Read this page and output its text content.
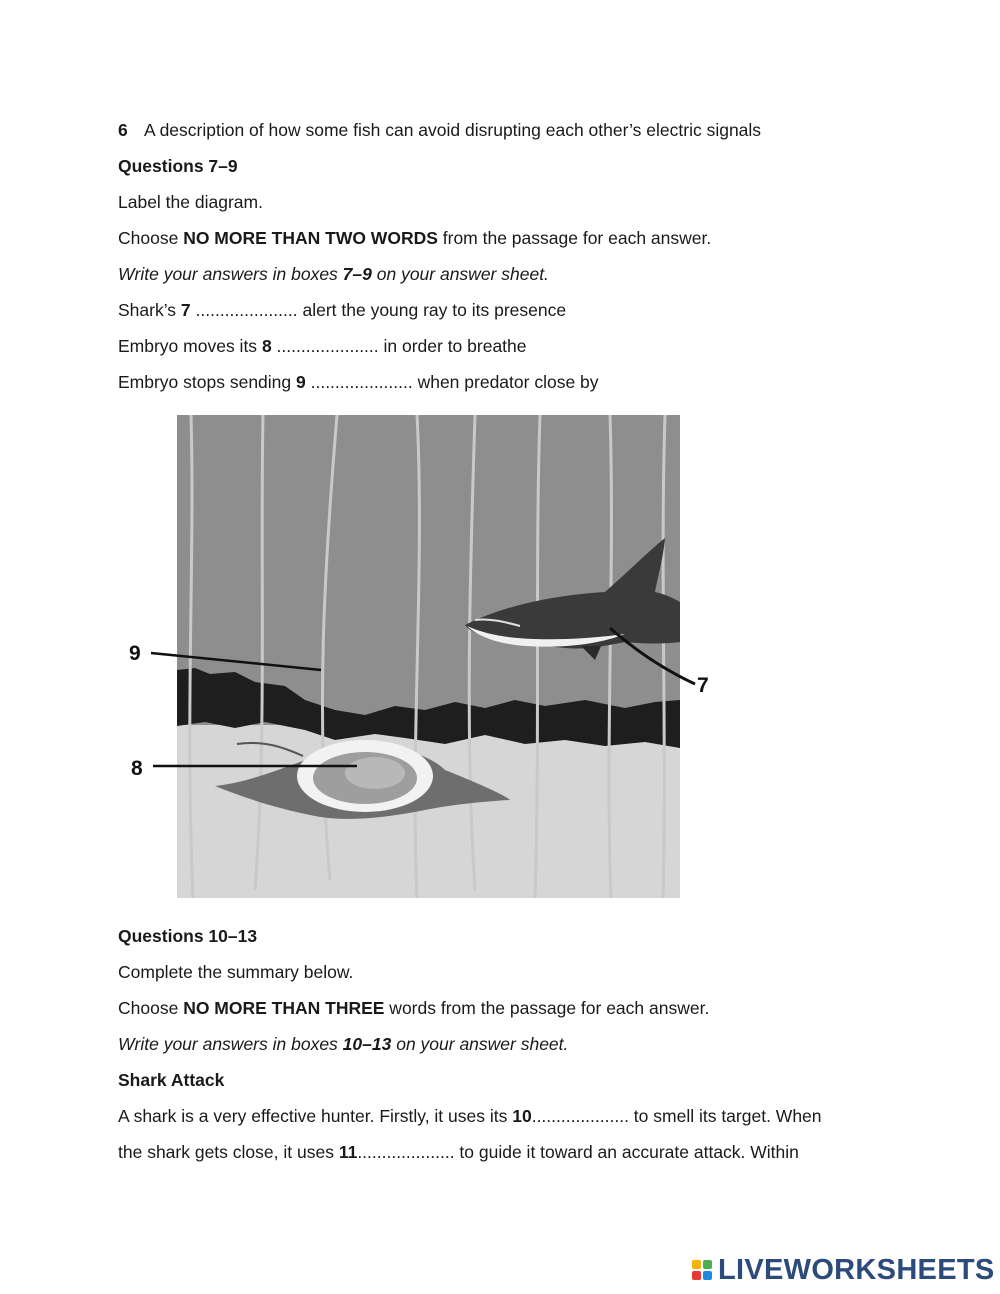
6 A description of how some fish can avoid disrupting each other’s electric signals
Questions 7–9
Label the diagram.
Choose NO MORE THAN TWO WORDS from the passage for each answer.
Write your answers in boxes 7–9 on your answer sheet.
Shark’s 7 ..................... alert the young ray to its presence
Embryo moves its 8 ..................... in order to breathe
Embryo stops sending 9 ..................... when predator close by
9
8
7
Questions 10–13
Complete the summary below.
Choose NO MORE THAN THREE words from the passage for each answer.
Write your answers in boxes 10–13 on your answer sheet.
Shark Attack
A shark is a very effective hunter. Firstly, it uses its 10.................... to smell its target. When
the shark gets close, it uses 11.................... to guide it toward an accurate attack. Within
LIVEWORKSHEETS
